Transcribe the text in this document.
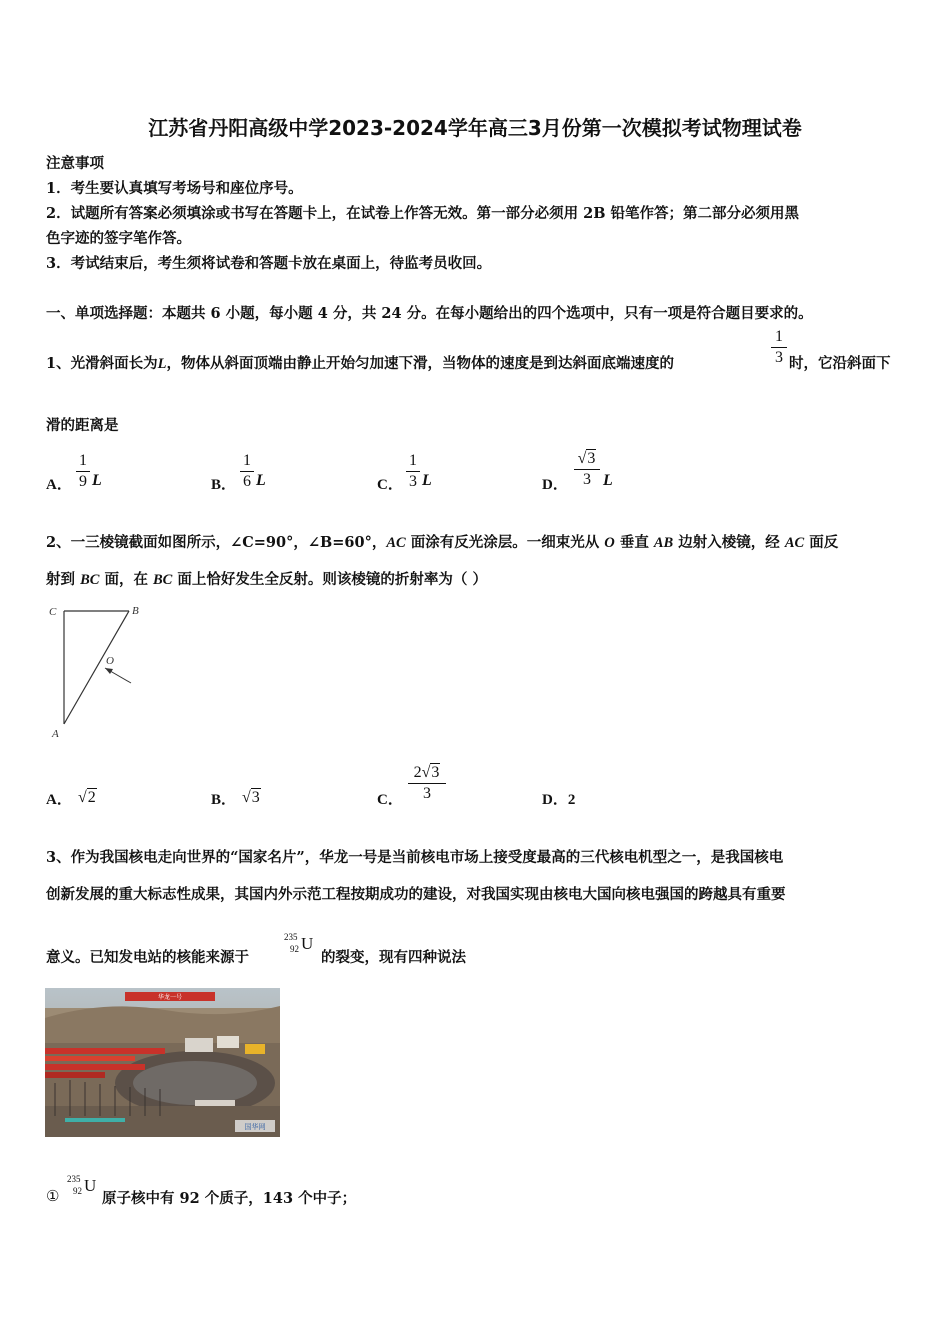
江苏省丹阳高级中学2023-2024学年高三3月份第一次模拟考试物理试卷
注意事项
1．考生要认真填写考场号和座位序号。
2．试题所有答案必须填涂或书写在答题卡上，在试卷上作答无效。第一部分必须用 2B 铅笔作答；第二部分必须用黑
色字迹的签字笔作答。
3．考试结束后，考生须将试卷和答题卡放在桌面上，待监考员收回。
一、单项选择题：本题共 6 小题，每小题 4 分，共 24 分。在每小题给出的四个选项中，只有一项是符合题目要求的。
1、光滑斜面长为L，物体从斜面顶端由静止开始匀加速下滑，当物体的速度是到达斜面底端速度的
1
3 时，它沿斜面下
滑的距离是
A．
1
9 L	B．
1
6 L	C．
1
3 L	D．
√3
3 L
2、一三棱镜截面如图所示，∠C=90°，∠B=60°，AC 面涂有反光涂层。一细束光从 O 垂直 AB 边射入棱镜，经 AC 面反
射到 BC 面，在 BC 面上恰好发生全反射。则该棱镜的折射率为（ ）
C	B
O
A
A． √2	B． √3	C．
2√3
3	D．2
3、作为我国核电走向世界的“国家名片”，华龙一号是当前核电市场上接受度最高的三代核电机型之一，是我国核电
创新发展的重大标志性成果，其国内外示范工程按期成功的建设，对我国实现由核电大国向核电强国的跨越具有重要
意义。已知发电站的核能来源于
235
92 U
的裂变，现有四种说法
华龙一号
国华网
①
235
92 U
原子核中有 92 个质子，143 个中子；
